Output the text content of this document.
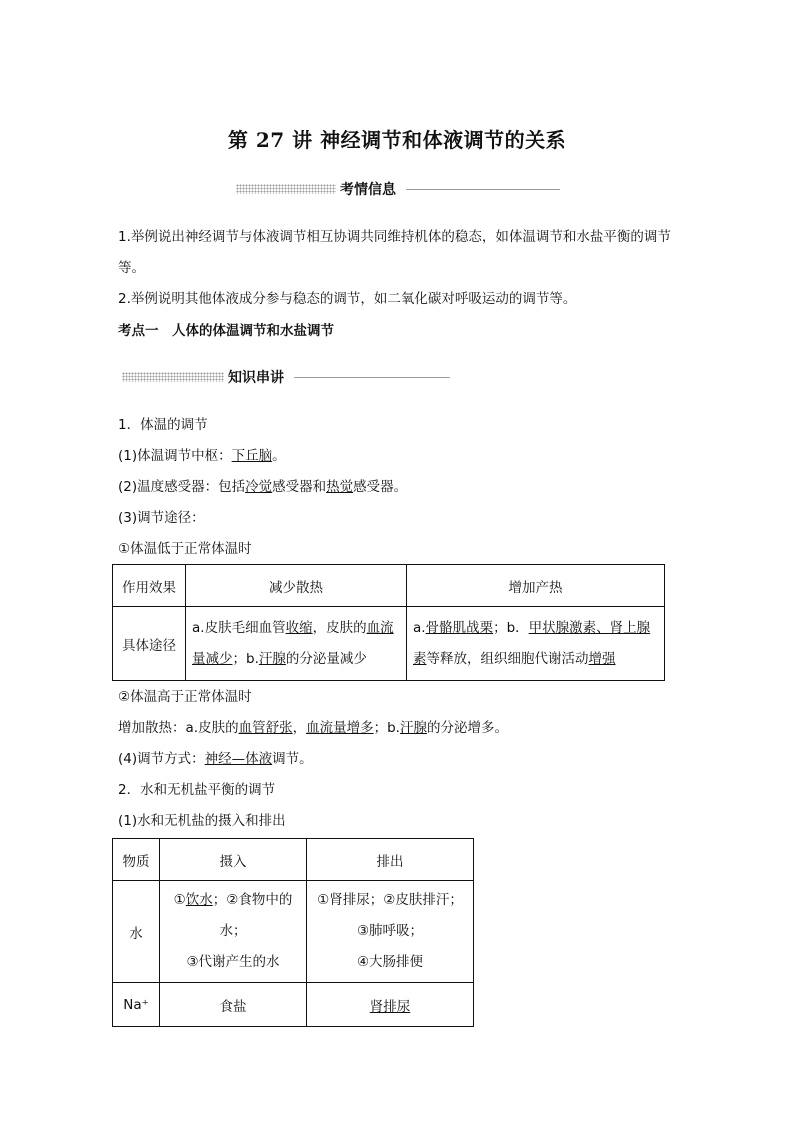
第 27 讲 神经调节和体液调节的关系
考情信息
1.举例说出神经调节与体液调节相互协调共同维持机体的稳态，如体温调节和水盐平衡的调节等。
2.举例说明其他体液成分参与稳态的调节，如二氧化碳对呼吸运动的调节等。
考点一　人体的体温调节和水盐调节
知识串讲
1．体温的调节
(1)体温调节中枢：下丘脑。
(2)温度感受器：包括冷觉感受器和热觉感受器。
(3)调节途径：
①体温低于正常体温时
作用效果	减少散热	增加产热
具体途径	a.皮肤毛细血管收缩，皮肤的血流量减少；b.汗腺的分泌量减少	a.骨骼肌战栗；b．甲状腺激素、肾上腺素等释放，组织细胞代谢活动增强
②体温高于正常体温时
增加散热：a.皮肤的血管舒张，血流量增多；b.汗腺的分泌增多。
(4)调节方式：神经—体液调节。
2．水和无机盐平衡的调节
(1)水和无机盐的摄入和排出
物质	摄入	排出
水	①饮水；②食物中的
水；
③代谢产生的水	①肾排尿；②皮肤排汗；
③肺呼吸；
④大肠排便
Na⁺	食盐	肾排尿
